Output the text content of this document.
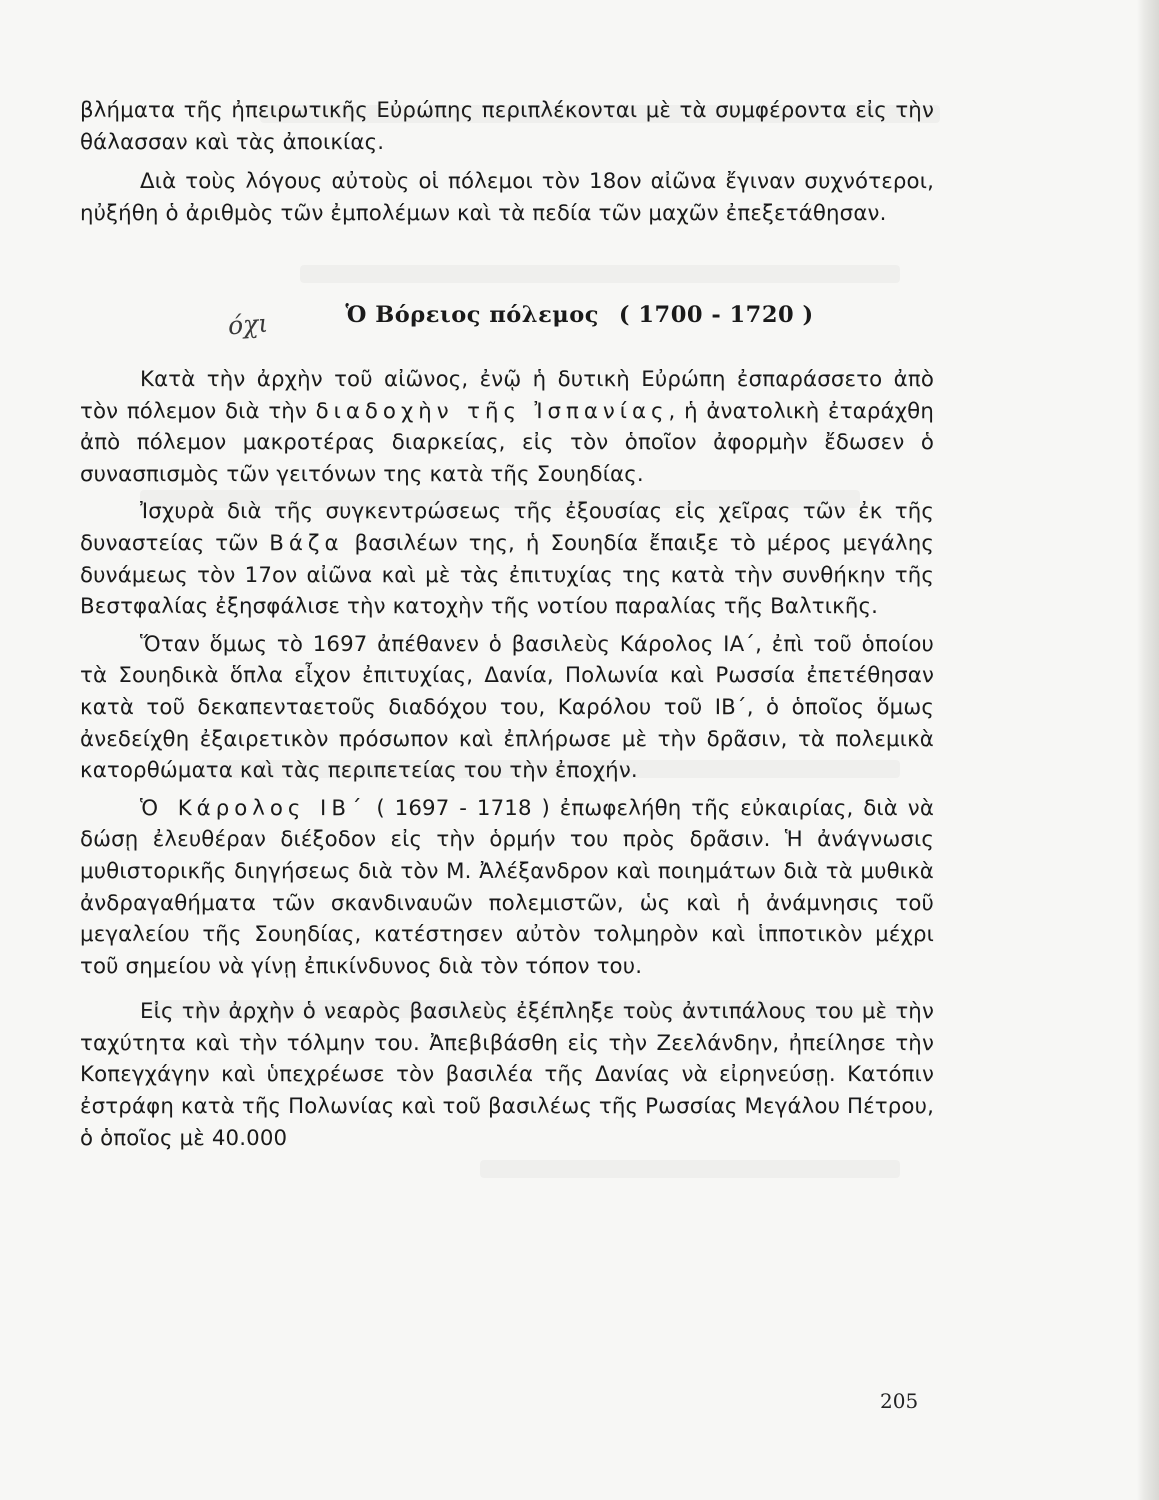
βλήματα τῆς ἠπειρωτικῆς Εὐρώπης περιπλέκονται μὲ τὰ συμφέροντα εἰς τὴν θάλασσαν καὶ τὰς ἀποικίας.

Διὰ τοὺς λόγους αὐτοὺς οἱ πόλεμοι τὸν 18ον αἰῶνα ἔγιναν συχνότεροι, ηὐξήθη ὁ ἀριθμὸς τῶν ἐμπολέμων καὶ τὰ πεδία τῶν μαχῶν ἐπεξετάθησαν.

όχι	Ὁ Βόρειος πόλεμος ( 1700 - 1720 )

Κατὰ τὴν ἀρχὴν τοῦ αἰῶνος, ἐνῷ ἡ δυτικὴ Εὐρώπη ἐσπαράσσετο ἀπὸ τὸν πόλεμον διὰ τὴν διαδοχὴν τῆς Ἰσπανίας, ἡ ἀνατολικὴ ἐταράχθη ἀπὸ πόλεμον μακροτέρας διαρκείας, εἰς τὸν ὁποῖον ἀφορμὴν ἔδωσεν ὁ συνασπισμὸς τῶν γειτόνων της κατὰ τῆς Σουηδίας.

Ἰσχυρὰ διὰ τῆς συγκεντρώσεως τῆς ἐξουσίας εἰς χεῖρας τῶν ἐκ τῆς δυναστείας τῶν Βάζα βασιλέων της, ἡ Σουηδία ἔπαιξε τὸ μέρος μεγάλης δυνάμεως τὸν 17ον αἰῶνα καὶ μὲ τὰς ἐπιτυχίας της κατὰ τὴν συνθήκην τῆς Βεστφαλίας ἐξησφάλισε τὴν κατοχὴν τῆς νοτίου παραλίας τῆς Βαλτικῆς.

Ὅταν ὅμως τὸ 1697 ἀπέθανεν ὁ βασιλεὺς Κάρολος ΙΑ΄, ἐπὶ τοῦ ὁποίου τὰ Σουηδικὰ ὅπλα εἶχον ἐπιτυχίας, Δανία, Πολωνία καὶ Ρωσσία ἐπετέθησαν κατὰ τοῦ δεκαπενταετοῦς διαδόχου του, Καρόλου τοῦ ΙΒ΄, ὁ ὁποῖος ὅμως ἀνεδείχθη ἐξαιρετικὸν πρόσωπον καὶ ἐπλήρωσε μὲ τὴν δρᾶσιν, τὰ πολεμικὰ κατορθώματα καὶ τὰς περιπετείας του τὴν ἐποχήν.

Ὁ Κάρολος ΙΒ΄ ( 1697 - 1718 ) ἐπωφελήθη τῆς εὐκαιρίας, διὰ νὰ δώσῃ ἐλευθέραν διέξοδον εἰς τὴν ὁρμήν του πρὸς δρᾶσιν. Ἡ ἀνάγνωσις μυθιστορικῆς διηγήσεως διὰ τὸν Μ. Ἀλέξανδρον καὶ ποιημάτων διὰ τὰ μυθικὰ ἀνδραγαθήματα τῶν σκανδιναυῶν πολεμιστῶν, ὡς καὶ ἡ ἀνάμνησις τοῦ μεγαλείου τῆς Σουηδίας, κατέστησεν αὐτὸν τολμηρὸν καὶ ἱπποτικὸν μέχρι τοῦ σημείου νὰ γίνῃ ἐπικίνδυνος διὰ τὸν τόπον του.

Εἰς τὴν ἀρχὴν ὁ νεαρὸς βασιλεὺς ἐξέπληξε τοὺς ἀντιπάλους του μὲ τὴν ταχύτητα καὶ τὴν τόλμην του. Ἀπεβιβάσθη εἰς τὴν Ζεελάνδην, ἠπείλησε τὴν Κοπεγχάγην καὶ ὑπεχρέωσε τὸν βασιλέα τῆς Δανίας νὰ εἰρηνεύσῃ. Κατόπιν ἐστράφη κατὰ τῆς Πολωνίας καὶ τοῦ βασιλέως τῆς Ρωσσίας Μεγάλου Πέτρου, ὁ ὁποῖος μὲ 40.000

205
